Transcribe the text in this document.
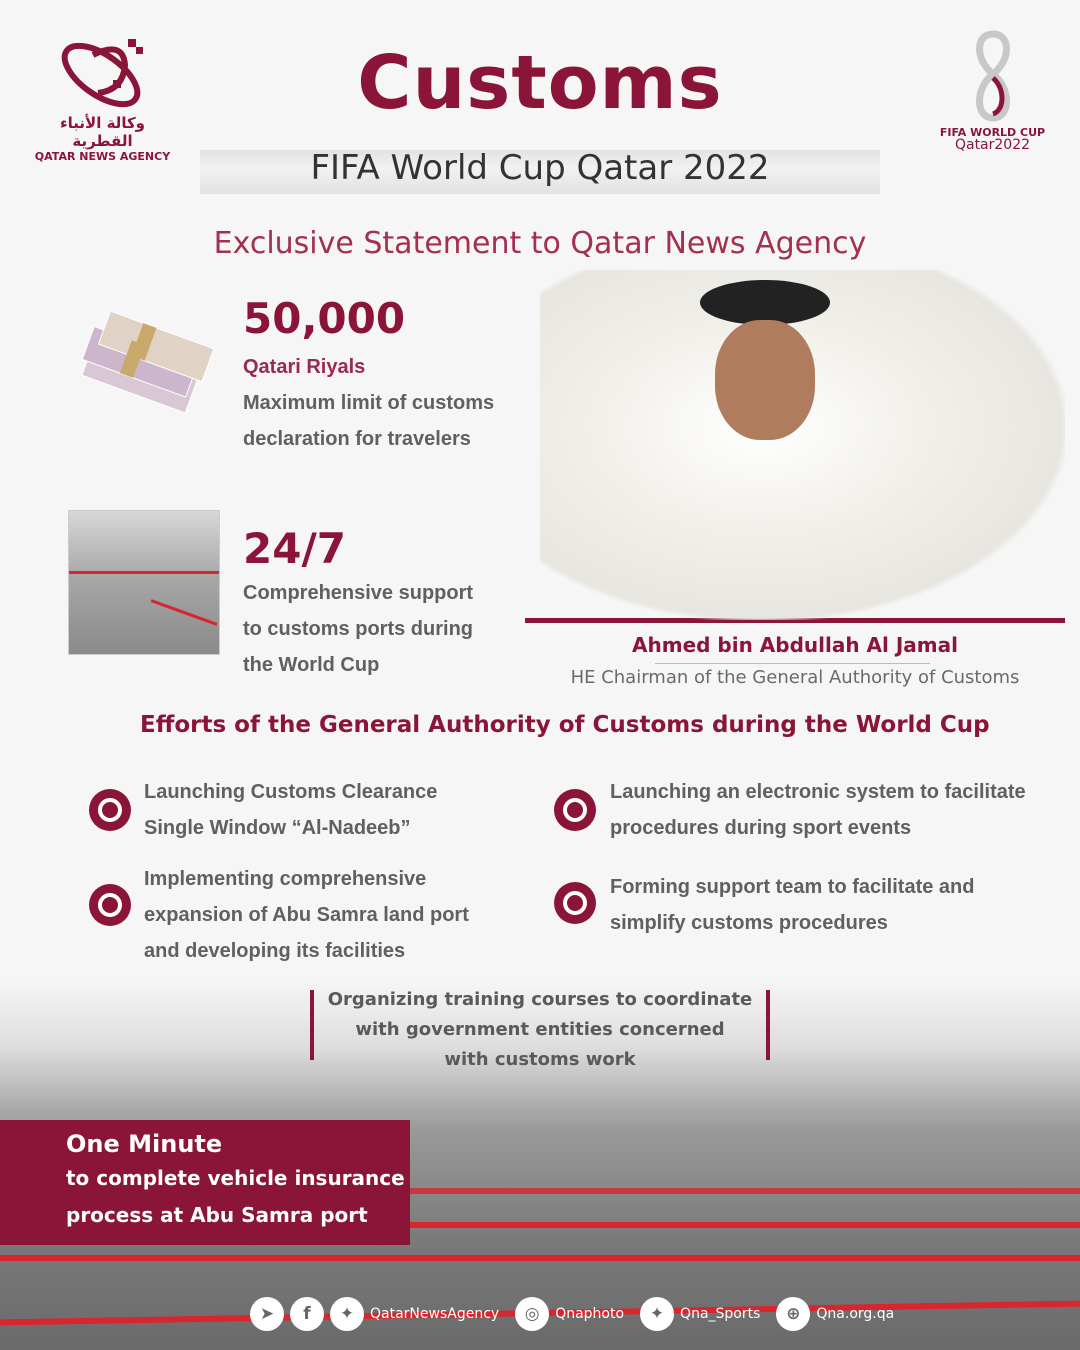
وكالة الأنباء القطرية
QATAR NEWS AGENCY
FIFA WORLD CUP
Qatar2022
Customs
FIFA World Cup Qatar 2022
Exclusive Statement to Qatar News Agency
50,000
Qatari Riyals
Maximum limit of customs
declaration for travelers
24/7
Comprehensive support
to customs ports during
the World Cup
Ahmed bin Abdullah Al Jamal
HE Chairman of the General Authority of Customs
Efforts of the General Authority of Customs during the World Cup
Launching Customs Clearance
Single Window “Al-Nadeeb”
Launching an electronic system to facilitate
procedures during sport events
Implementing comprehensive
expansion of Abu Samra land port
and developing its facilities
Forming support team to facilitate and
simplify customs procedures
Organizing training courses to coordinate
with government entities concerned
with customs work
One Minute
to complete vehicle insurance
process at Abu Samra port
➤	f	✦	QatarNewsAgency	◎	Qnaphoto	✦	Qna_Sports	⊕	Qna.org.qa
